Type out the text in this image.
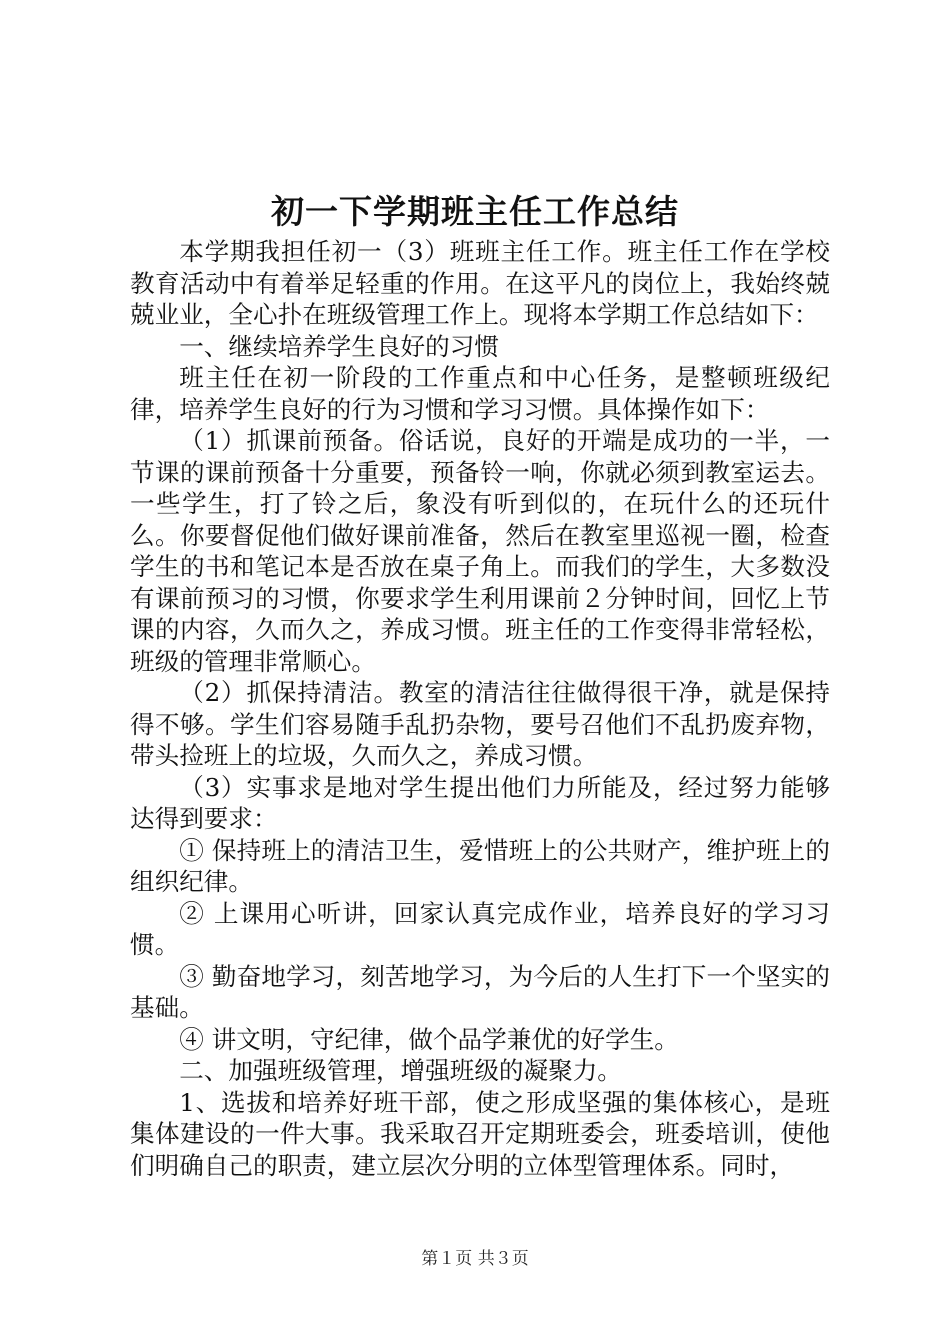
初一下学期班主任工作总结

本学期我担任初一（3）班班主任工作。班主任工作在学校教育活动中有着举足轻重的作用。在这平凡的岗位上，我始终兢兢业业，全心扑在班级管理工作上。现将本学期工作总结如下：

一、继续培养学生良好的习惯

班主任在初一阶段的工作重点和中心任务，是整顿班级纪律，培养学生良好的行为习惯和学习习惯。具体操作如下：

（1）抓课前预备。俗话说，良好的开端是成功的一半，一节课的课前预备十分重要，预备铃一响，你就必须到教室运去。一些学生，打了铃之后，象没有听到似的，在玩什么的还玩什么。你要督促他们做好课前准备，然后在教室里巡视一圈，检查学生的书和笔记本是否放在桌子角上。而我们的学生，大多数没有课前预习的习惯，你要求学生利用课前２分钟时间，回忆上节课的内容，久而久之，养成习惯。班主任的工作变得非常轻松，班级的管理非常顺心。

（2）抓保持清洁。教室的清洁往往做得很干净，就是保持得不够。学生们容易随手乱扔杂物，要号召他们不乱扔废弃物，带头捡班上的垃圾，久而久之，养成习惯。

（3）实事求是地对学生提出他们力所能及，经过努力能够达得到要求：

① 保持班上的清洁卫生，爱惜班上的公共财产，维护班上的组织纪律。

② 上课用心听讲，回家认真完成作业，培养良好的学习习惯。

③ 勤奋地学习，刻苦地学习，为今后的人生打下一个坚实的基础。

④ 讲文明，守纪律，做个品学兼优的好学生。

二、加强班级管理，增强班级的凝聚力。

1、选拔和培养好班干部，使之形成坚强的集体核心，是班集体建设的一件大事。我采取召开定期班委会，班委培训，使他们明确自己的职责，建立层次分明的立体型管理体系。同时，

第１页 共３页
